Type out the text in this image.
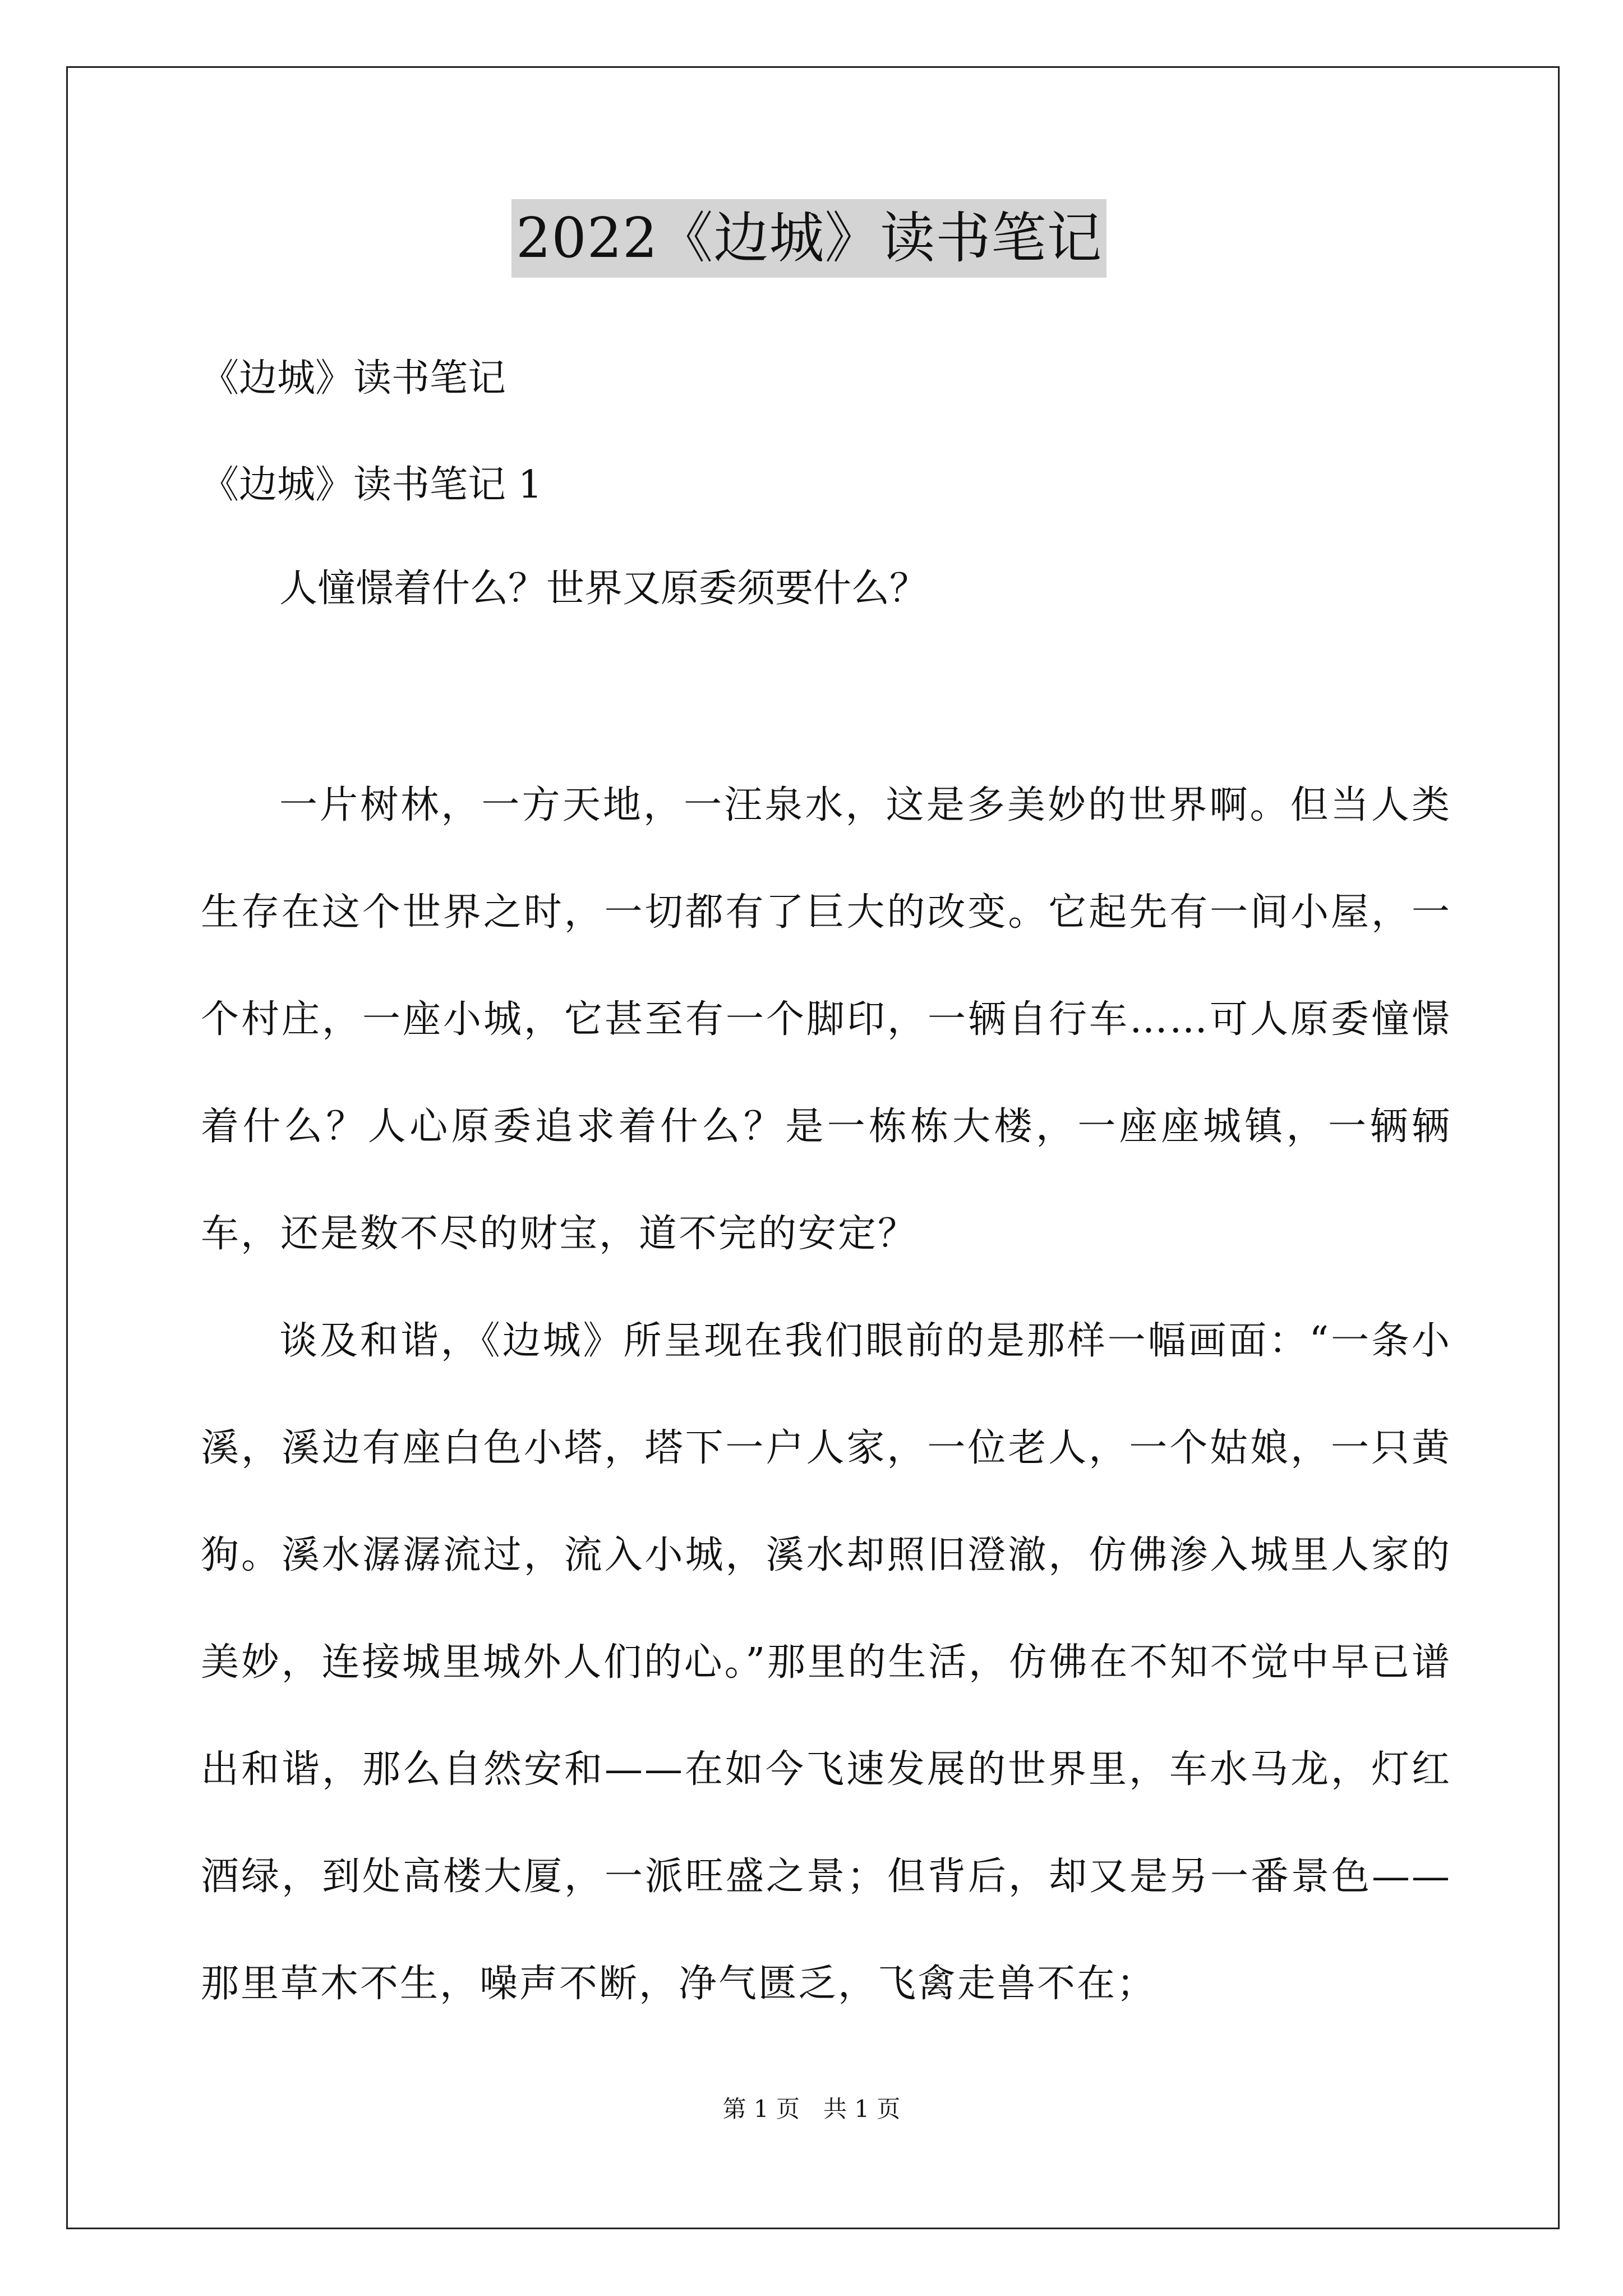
2022《边城》读书笔记
《边城》读书笔记
《边城》读书笔记 1
人憧憬着什么？世界又原委须要什么？

一片树林，一方天地，一汪泉水，这是多美妙的世界啊。但当人类生存在这个世界之时，一切都有了巨大的改变。它起先有一间小屋，一个村庄，一座小城，它甚至有一个脚印，一辆自行车……可人原委憧憬着什么？人心原委追求着什么？是一栋栋大楼，一座座城镇，一辆辆车，还是数不尽的财宝，道不完的安定？

谈及和谐，《边城》所呈现在我们眼前的是那样一幅画面：“一条小溪，溪边有座白色小塔，塔下一户人家，一位老人，一个姑娘，一只黄狗。溪水潺潺流过，流入小城，溪水却照旧澄澈，仿佛渗入城里人家的美妙，连接城里城外人们的心。”那里的生活，仿佛在不知不觉中早已谱出和谐，那么自然安和——在如今飞速发展的世界里，车水马龙，灯红酒绿，到处高楼大厦，一派旺盛之景；但背后，却又是另一番景色——那里草木不生，噪声不断，净气匮乏，飞禽走兽不在；

第 1 页　共 1 页
